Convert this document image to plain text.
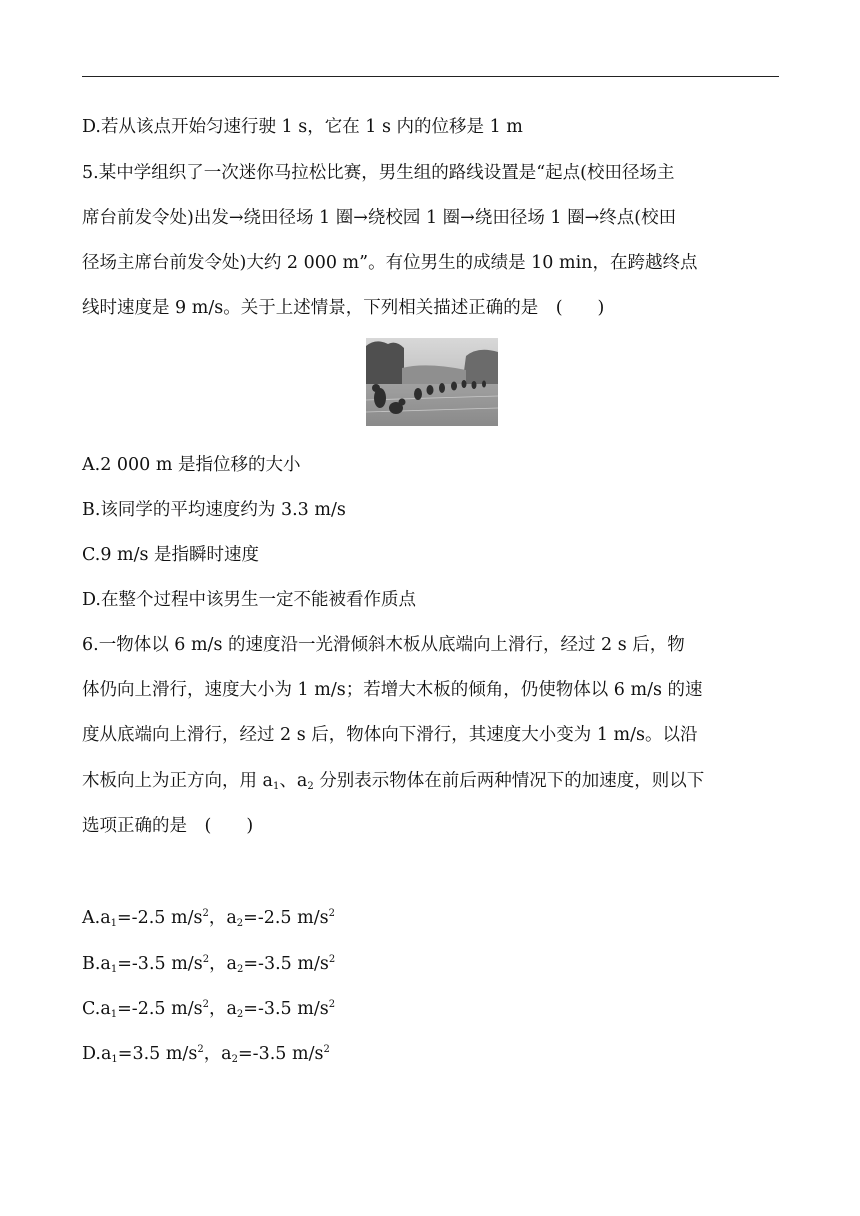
D.若从该点开始匀速行驶 1 s，它在 1 s 内的位移是 1 m
5.某中学组织了一次迷你马拉松比赛，男生组的路线设置是“起点(校田径场主
席台前发令处)出发→绕田径场 1 圈→绕校园 1 圈→绕田径场 1 圈→终点(校田
径场主席台前发令处)大约 2 000 m”。有位男生的成绩是 10 min，在跨越终点
线时速度是 9 m/s。关于上述情景，下列相关描述正确的是　(　　)
A.2 000 m 是指位移的大小
B.该同学的平均速度约为 3.3 m/s
C.9 m/s 是指瞬时速度
D.在整个过程中该男生一定不能被看作质点
6.一物体以 6 m/s 的速度沿一光滑倾斜木板从底端向上滑行，经过 2 s 后，物
体仍向上滑行，速度大小为 1 m/s；若增大木板的倾角，仍使物体以 6 m/s 的速
度从底端向上滑行，经过 2 s 后，物体向下滑行，其速度大小变为 1 m/s。以沿
木板向上为正方向，用 $a_1$、$a_2$ 分别表示物体在前后两种情况下的加速度，则以下
选项正确的是　(　　)
$A.a_1=-2.5$ $m/s^2$，$a_2=-2.5$ $m/s^2$
$B.a_1=-3.5$ $m/s^2$，$a_2=-3.5$ $m/s^2$
$C.a_1=-2.5$ $m/s^2$，$a_2=-3.5$ $m/s^2$
$D.a_1=3.5$ $m/s^2$，$a_2=-3.5$ $m/s^2$
